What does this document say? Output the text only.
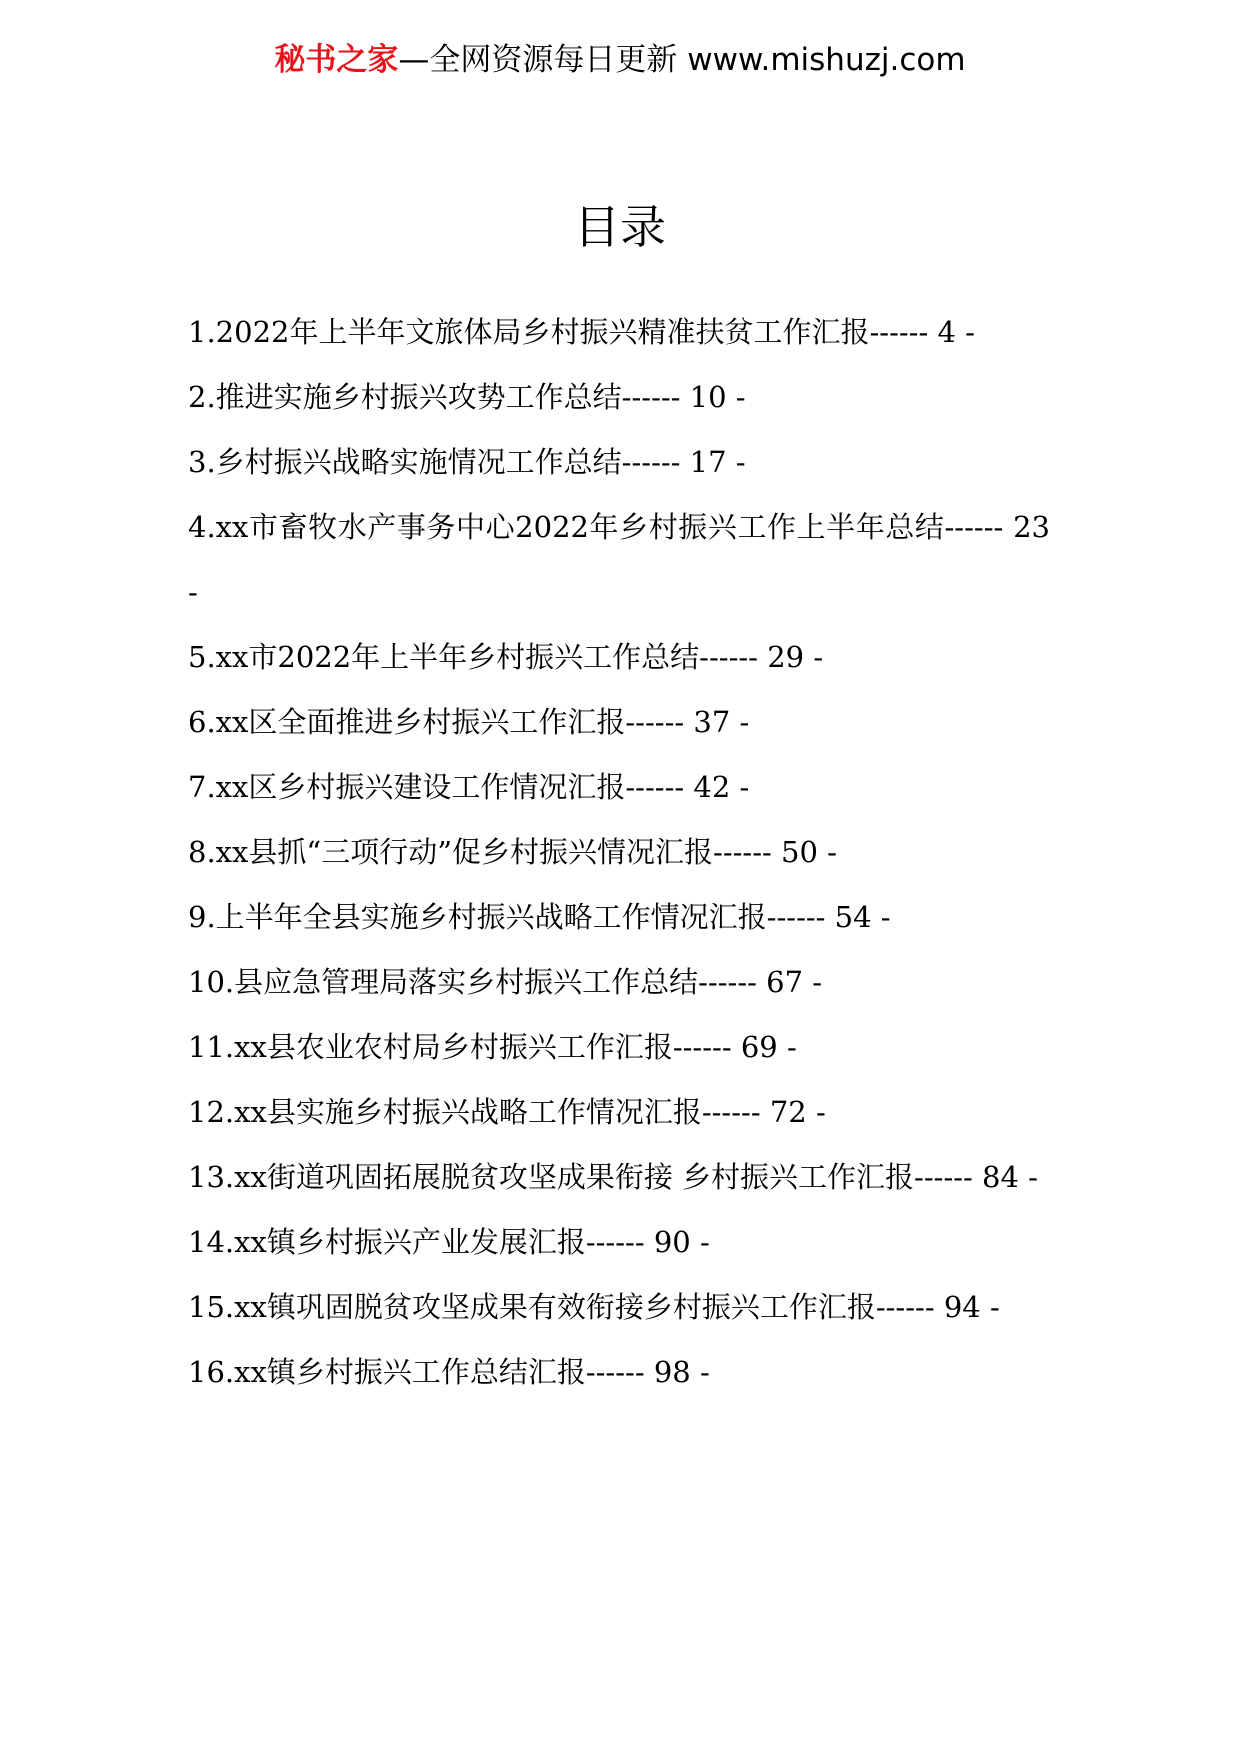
秘书之家—全网资源每日更新 www.mishuzj.com
目录
1.2022年上半年文旅体局乡村振兴精准扶贫工作汇报------ 4 -
2.推进实施乡村振兴攻势工作总结------ 10 -
3.乡村振兴战略实施情况工作总结------ 17 -
4.xx市畜牧水产事务中心2022年乡村振兴工作上半年总结------ 23 -
5.xx市2022年上半年乡村振兴工作总结------ 29 -
6.xx区全面推进乡村振兴工作汇报------ 37 -
7.xx区乡村振兴建设工作情况汇报------ 42 -
8.xx县抓“三项行动”促乡村振兴情况汇报------ 50 -
9.上半年全县实施乡村振兴战略工作情况汇报------ 54 -
10.县应急管理局落实乡村振兴工作总结------ 67 -
11.xx县农业农村局乡村振兴工作汇报------ 69 -
12.xx县实施乡村振兴战略工作情况汇报------ 72 -
13.xx街道巩固拓展脱贫攻坚成果衔接 乡村振兴工作汇报------ 84 -
14.xx镇乡村振兴产业发展汇报------ 90 -
15.xx镇巩固脱贫攻坚成果有效衔接乡村振兴工作汇报------ 94 -
16.xx镇乡村振兴工作总结汇报------ 98 -
